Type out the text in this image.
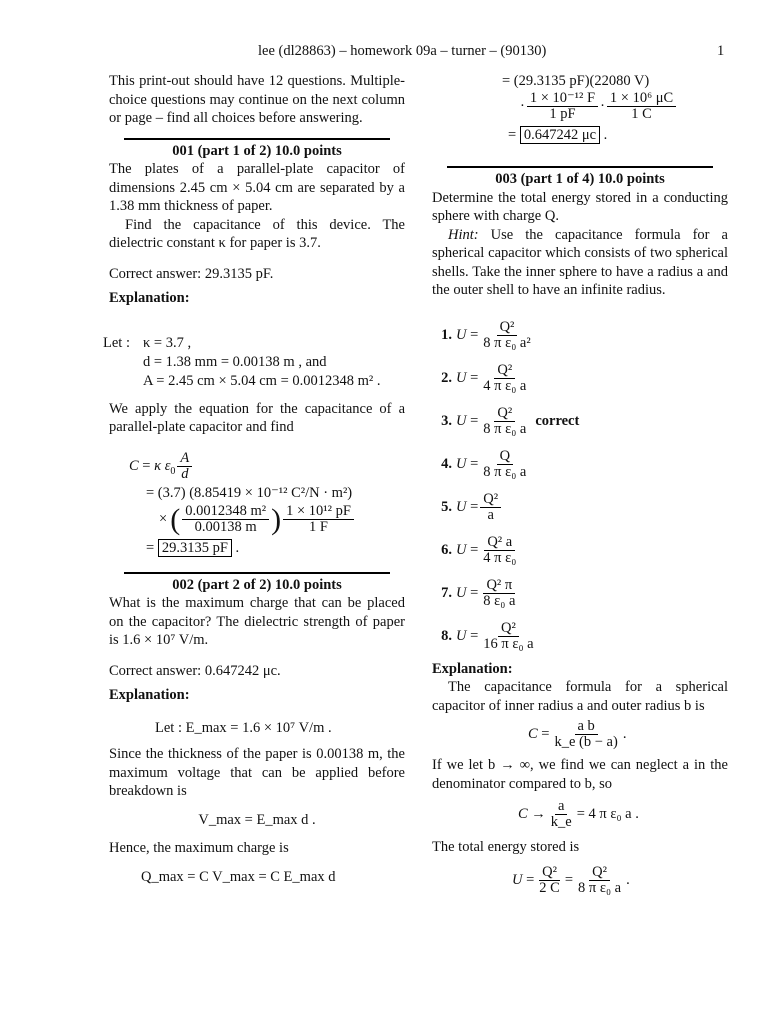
lee (dl28863) – homework 09a – turner – (90130)	1

This print-out should have 12 questions. Multiple-choice questions may continue on the next column or page – find all choices before answering.

001 (part 1 of 2) 10.0 points

The plates of a parallel-plate capacitor of dimensions 2.45 cm × 5.04 cm are separated by a 1.38 mm thickness of paper.

Find the capacitance of this device. The dielectric constant κ for paper is 3.7.

Correct answer: 29.3135 pF.

Explanation:

Let : κ = 3.7 ,
d = 1.38 mm = 0.00138 m , and
A = 2.45 cm × 5.04 cm = 0.0012348 m² .

We apply the equation for the capacitance of a parallel-plate capacitor and find

C = κ $\varepsilon_0 \frac{A}{d}$
= (3.7) (8.85419 × 10⁻¹² C²/N · m²)
× ( $\frac{\text{0.0012348 m²}}{0.00138 m}$ ) $\frac{\text{1 × 10¹² pF}}{1 F}$
= 29.3135 pF .
002 (part 2 of 2) 10.0 points

What is the maximum charge that can be placed on the capacitor? The dielectric strength of paper is 1.6 × 10⁷ V/m.

Correct answer: 0.647242 μc.

Explanation:

Let : E_max = 1.6 × 10⁷ V/m .

Since the thickness of the paper is 0.00138 m, the maximum voltage that can be applied before breakdown is

V_max = E_max d .

Hence, the maximum charge is

Q_max = C V_max = C E_max d
= (29.3135 pF)(22080 V)
· $\frac{\text{1 × 10⁻¹² F}}{1 pF} \cdot \frac{\text{1 × 10⁶ μC}}{1 C}$
= 0.647242 μc .
003 (part 1 of 4) 10.0 points

Determine the total energy stored in a conducting sphere with charge Q.

Hint: Use the capacitance formula for a spherical capacitor which consists of two spherical shells. Take the inner sphere to have a radius a and the outer shell to have an infinite radius.

1. $U = \frac{\text{Q²}}{\text{8 π ε₀ a²}}$
2. $U = \frac{\text{Q²}}{\text{4 π ε₀ a}}$
3. $U = \frac{\text{Q²}}{\text{8 π ε₀ a}}$ correct
4. $U = \frac{Q}{\text{8 π ε₀ a}}$
5. $U = \frac{\text{Q²}}{a}$
6. $U = \frac{\text{Q² a}}{\text{4 π ε₀}}$
7. $U = \frac{\text{Q² π}}{\text{8 ε₀ a}}$
8. $U = \frac{\text{Q²}}{\text{16 π ε₀ a}}$

Explanation:

The capacitance formula for a spherical capacitor of inner radius a and outer radius b is

$C = \frac{\text{a b}}{k\_e (b - a)}$ .

If we let b → ∞, we find we can neglect a in the denominator compared to b, so

$C \to \frac{a}{k\_e} = 4$ π ε₀ a .

The total energy stored is

$U = \frac{\text{Q²}}{2 C} = \frac{\text{Q²}}{\text{8 π ε₀ a}}$ .
